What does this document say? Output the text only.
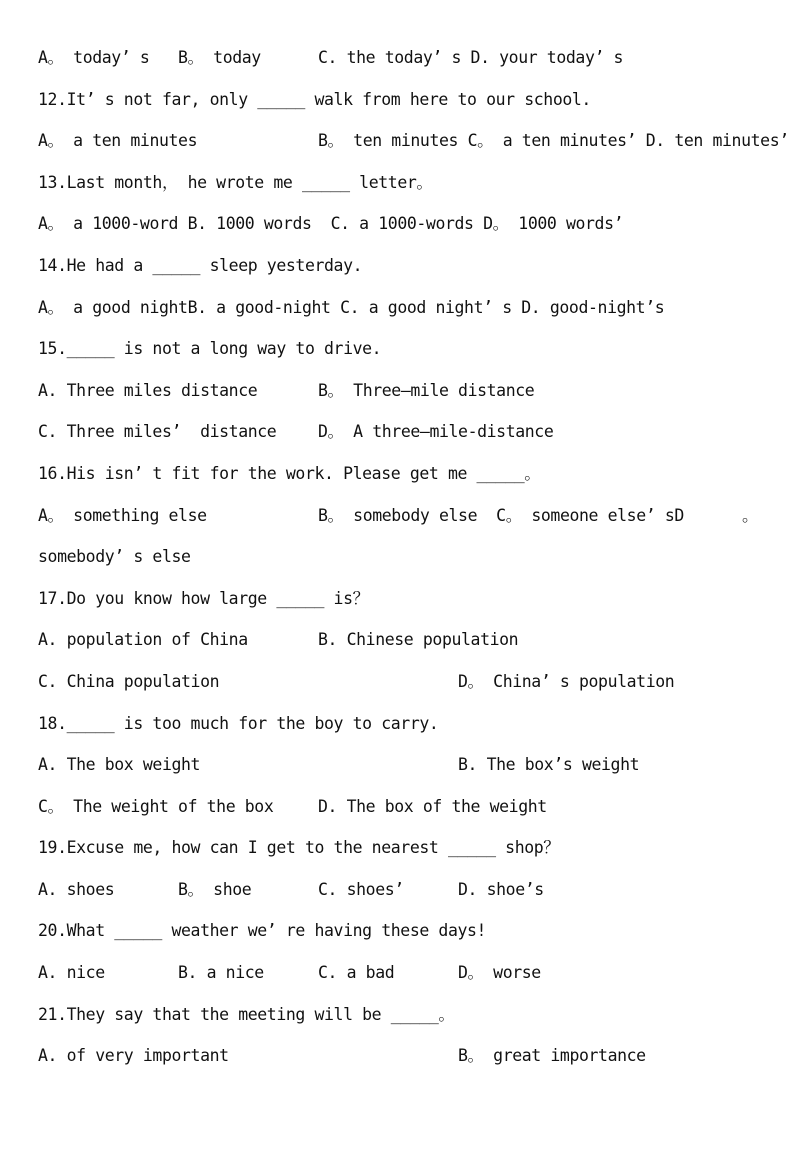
A。 today’ s

B。 today

	C. the today’ s D. your today’ s

12.It’ s not far, only _____ walk from here to our school.

A。 a ten minutes

	B。 ten minutes C。 a ten minutes’ D. ten minutes’

13.Last month， he wrote me _____ letter。

A。 a 1000-word B. 1000 words  C. a 1000-words D。 1000 words’

14.He had a _____ sleep yesterday.

A。 a good nightB. a good-night C. a good night’ s D. good-night’s

15._____ is not a long way to drive.

A. Three miles distance

	B。 Three—mile distance

C. Three miles’  distance

	D。 A three—mile-distance

16.His isn’ t fit for the work. Please get me _____。

A。 something else

	B。 somebody else  C。 someone else’ sD

	。

somebody’ s else

17.Do you know how large _____ is？

A. population of China

	B. Chinese population

C. China population

	D。 China’ s population

18._____ is too much for the boy to carry.

A. The box weight

	B. The box’s weight

C。 The weight of the box

	D. The box of the weight

19.Excuse me, how can I get to the nearest _____ shop？

A. shoes

	B。 shoe

	C. shoes’

	D. shoe’s

20.What _____ weather we’ re having these days!

A. nice

	B. a nice

	C. a bad

	D。 worse

21.They say that the meeting will be _____。

A. of very important

	B。 great importance
